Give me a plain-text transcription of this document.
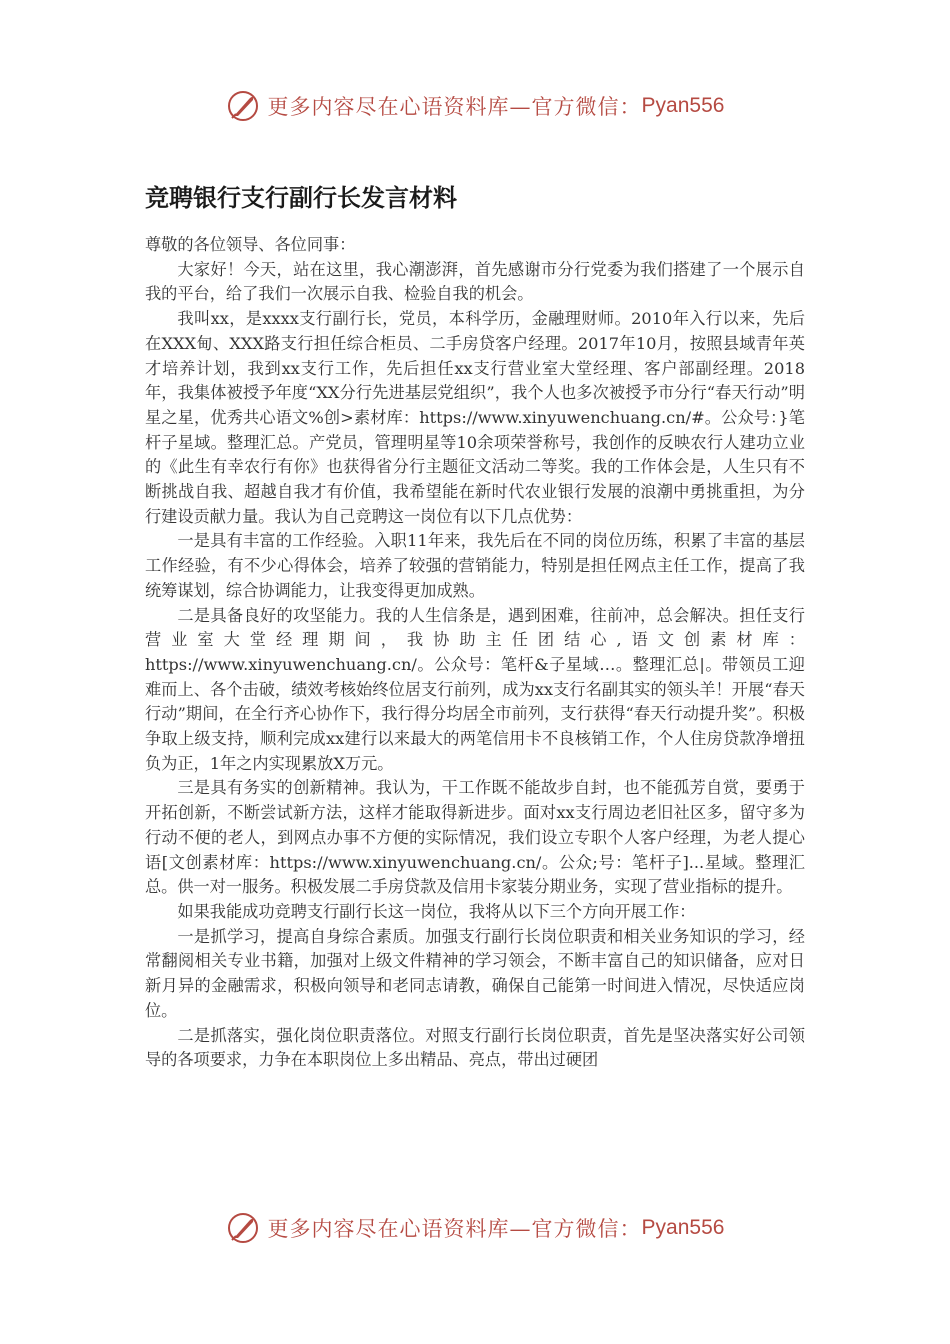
更多内容尽在心语资料库—官方微信： Pyan556
竞聘银行支行副行长发言材料

尊敬的各位领导、各位同事：

大家好！今天，站在这里，我心潮澎湃，首先感谢市分行党委为我们搭建了一个展示自我的平台，给了我们一次展示自我、检验自我的机会。

我叫xx，是xxxx支行副行长，党员，本科学历，金融理财师。2010年入行以来，先后在XXX甸、XXX路支行担任综合柜员、二手房贷客户经理。2017年10月，按照县域青年英才培养计划，我到xx支行工作，先后担任xx支行营业室大堂经理、客户部副经理。2018年，我集体被授予年度“XX分行先进基层党组织”，我个人也多次被授予市分行“春天行动”明星之星，优秀共心语文%创>素材库：https://www.xinyuwenchuang.cn/#。公众号：}笔杆子星域。整理汇总。产党员，管理明星等10余项荣誉称号，我创作的反映农行人建功立业的《此生有幸农行有你》也获得省分行主题征文活动二等奖。我的工作体会是，人生只有不断挑战自我、超越自我才有价值，我希望能在新时代农业银行发展的浪潮中勇挑重担，为分行建设贡献力量。我认为自己竞聘这一岗位有以下几点优势：

一是具有丰富的工作经验。入职11年来，我先后在不同的岗位历练，积累了丰富的基层工作经验，有不少心得体会，培养了较强的营销能力，特别是担任网点主任工作，提高了我统筹谋划，综合协调能力，让我变得更加成熟。

二是具备良好的攻坚能力。我的人生信条是，遇到困难，往前冲，总会解决。担任支行营业室大堂经理期间，我协助主任团结心,语文创素材库：https://www.xinyuwenchuang.cn/。公众号：笔杆&子星域…。整理汇总|。带领员工迎难而上、各个击破，绩效考核始终位居支行前列，成为xx支行名副其实的领头羊！开展“春天行动”期间，在全行齐心协作下，我行得分均居全市前列，支行获得“春天行动提升奖”。积极争取上级支持，顺利完成xx建行以来最大的两笔信用卡不良核销工作，个人住房贷款净增扭负为正，1年之内实现累放X万元。

三是具有务实的创新精神。我认为，干工作既不能故步自封，也不能孤芳自赏，要勇于开拓创新，不断尝试新方法，这样才能取得新进步。面对xx支行周边老旧社区多，留守多为行动不便的老人，到网点办事不方便的实际情况，我们设立专职个人客户经理，为老人提心语[文创素材库：https://www.xinyuwenchuang.cn/。公众;号：笔杆子]...星域。整理汇总。供一对一服务。积极发展二手房贷款及信用卡家装分期业务，实现了营业指标的提升。

如果我能成功竞聘支行副行长这一岗位，我将从以下三个方向开展工作：

一是抓学习，提高自身综合素质。加强支行副行长岗位职责和相关业务知识的学习，经常翻阅相关专业书籍，加强对上级文件精神的学习领会，不断丰富自己的知识储备，应对日新月异的金融需求，积极向领导和老同志请教，确保自己能第一时间进入情况，尽快适应岗位。

二是抓落实，强化岗位职责落位。对照支行副行长岗位职责，首先是坚决落实好公司领导的各项要求，力争在本职岗位上多出精品、亮点，带出过硬团

更多内容尽在心语资料库—官方微信： Pyan556
